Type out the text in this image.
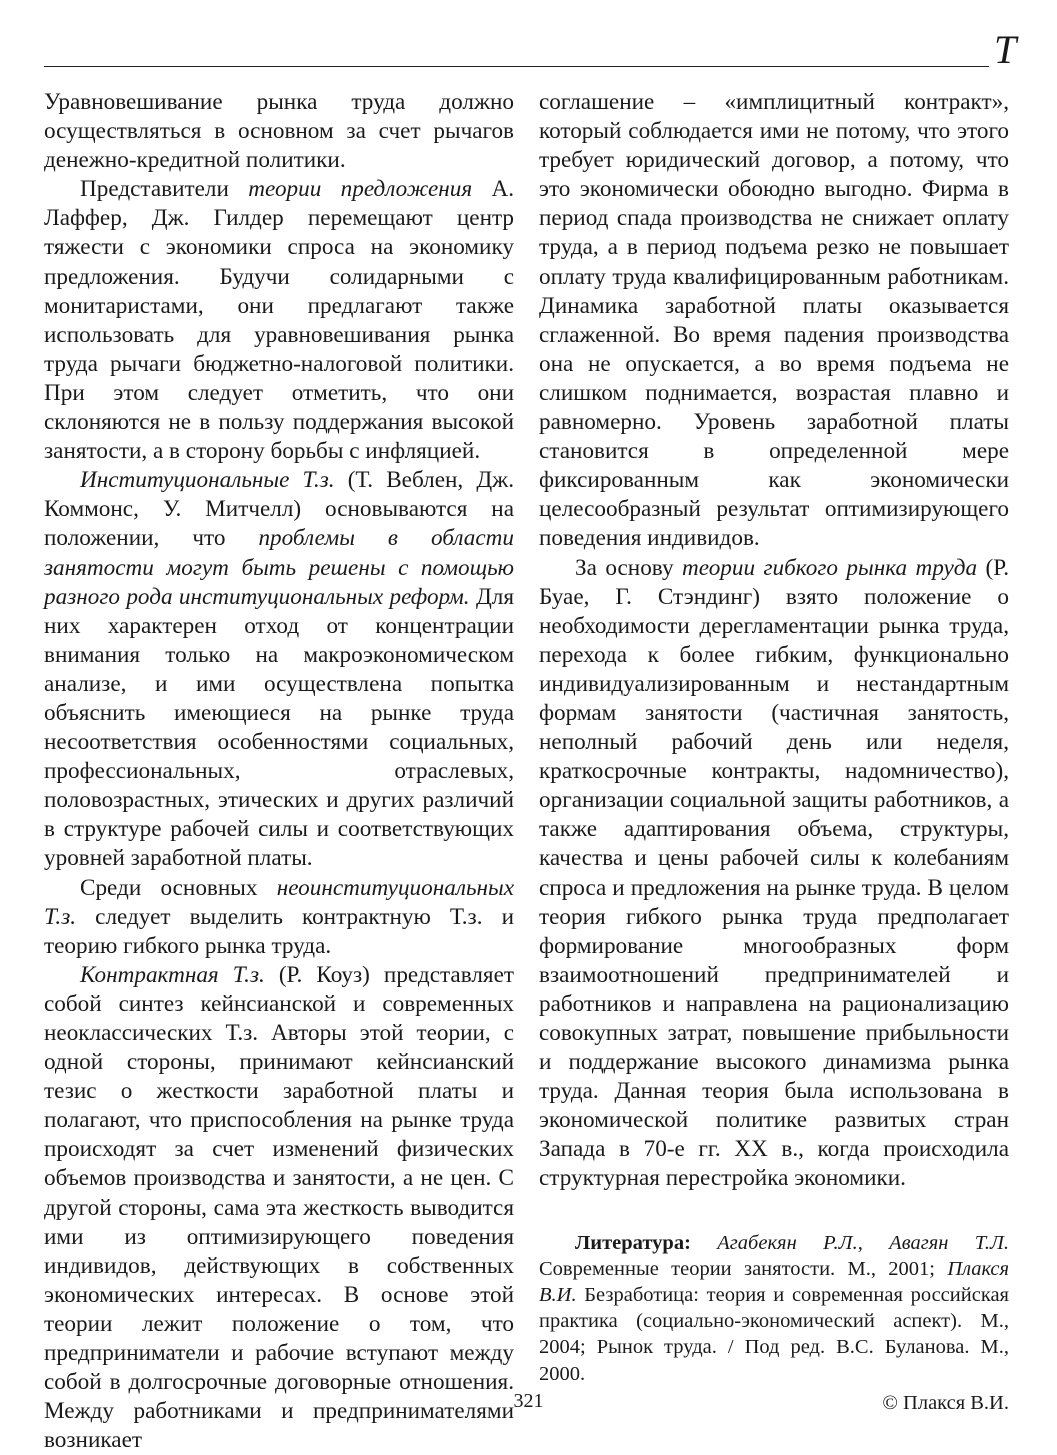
Т

Уравновешивание рынка труда должно осуществляться в основном за счет рычагов денежно-кредитной политики.

Представители теории предложения А. Лаффер, Дж. Гилдер перемещают центр тяжести с экономики спроса на экономику предложения. Будучи солидарными с монитаристами, они предлагают также использовать для уравновешивания рынка труда рычаги бюджетно-налоговой политики. При этом следует отметить, что они склоняются не в пользу поддержания высокой занятости, а в сторону борьбы с инфляцией.

Институциональные Т.з. (Т. Веблен, Дж. Коммонс, У. Митчелл) основываются на положении, что проблемы в области занятости могут быть решены с помощью разного рода институциональных реформ. Для них характерен отход от концентрации внимания только на макроэкономическом анализе, и ими осуществлена попытка объяснить имеющиеся на рынке труда несоответствия особенностями социальных, профессиональных, отраслевых, половозрастных, этических и других различий в структуре рабочей силы и соответствующих уровней заработной платы.

Среди основных неоинституциональных Т.з. следует выделить контрактную Т.з. и теорию гибкого рынка труда.

Контрактная Т.з. (Р. Коуз) представляет собой синтез кейнсианской и современных неоклассических Т.з. Авторы этой теории, с одной стороны, принимают кейнсианский тезис о жесткости заработной платы и полагают, что приспособления на рынке труда происходят за счет изменений физических объемов производства и занятости, а не цен. С другой стороны, сама эта жесткость выводится ими из оптимизирующего поведения индивидов, действующих в собственных экономических интересах. В основе этой теории лежит положение о том, что предприниматели и рабочие вступают между собой в долгосрочные договорные отношения. Между работниками и предпринимателями возникает

соглашение – «имплицитный контракт», который соблюдается ими не потому, что этого требует юридический договор, а потому, что это экономически обоюдно выгодно. Фирма в период спада производства не снижает оплату труда, а в период подъема резко не повышает оплату труда квалифицированным работникам. Динамика заработной платы оказывается сглаженной. Во время падения производства она не опускается, а во время подъема не слишком поднимается, возрастая плавно и равномерно. Уровень заработной платы становится в определенной мере фиксированным как экономически целесообразный результат оптимизирующего поведения индивидов.

За основу теории гибкого рынка труда (Р. Буае, Г. Стэндинг) взято положение о необходимости дерегламентации рынка труда, перехода к более гибким, функционально индивидуализированным и нестандартным формам занятости (частичная занятость, неполный рабочий день или неделя, краткосрочные контракты, надомничество), организации социальной защиты работников, а также адаптирования объема, структуры, качества и цены рабочей силы к колебаниям спроса и предложения на рынке труда. В целом теория гибкого рынка труда предполагает формирование многообразных форм взаимоотношений предпринимателей и работников и направлена на рационализацию совокупных затрат, повышение прибыльности и поддержание высокого динамизма рынка труда. Данная теория была использована в экономической политике развитых стран Запада в 70-е гг. XX в., когда происходила структурная перестройка экономики.

Литература: Агабекян Р.Л., Авагян Т.Л. Современные теории занятости. М., 2001; Плакся В.И. Безработица: теория и современная российская практика (социально-экономический аспект). М., 2004; Рынок труда. / Под ред. В.С. Буланова. М., 2000.

© Плакся В.И.
321
